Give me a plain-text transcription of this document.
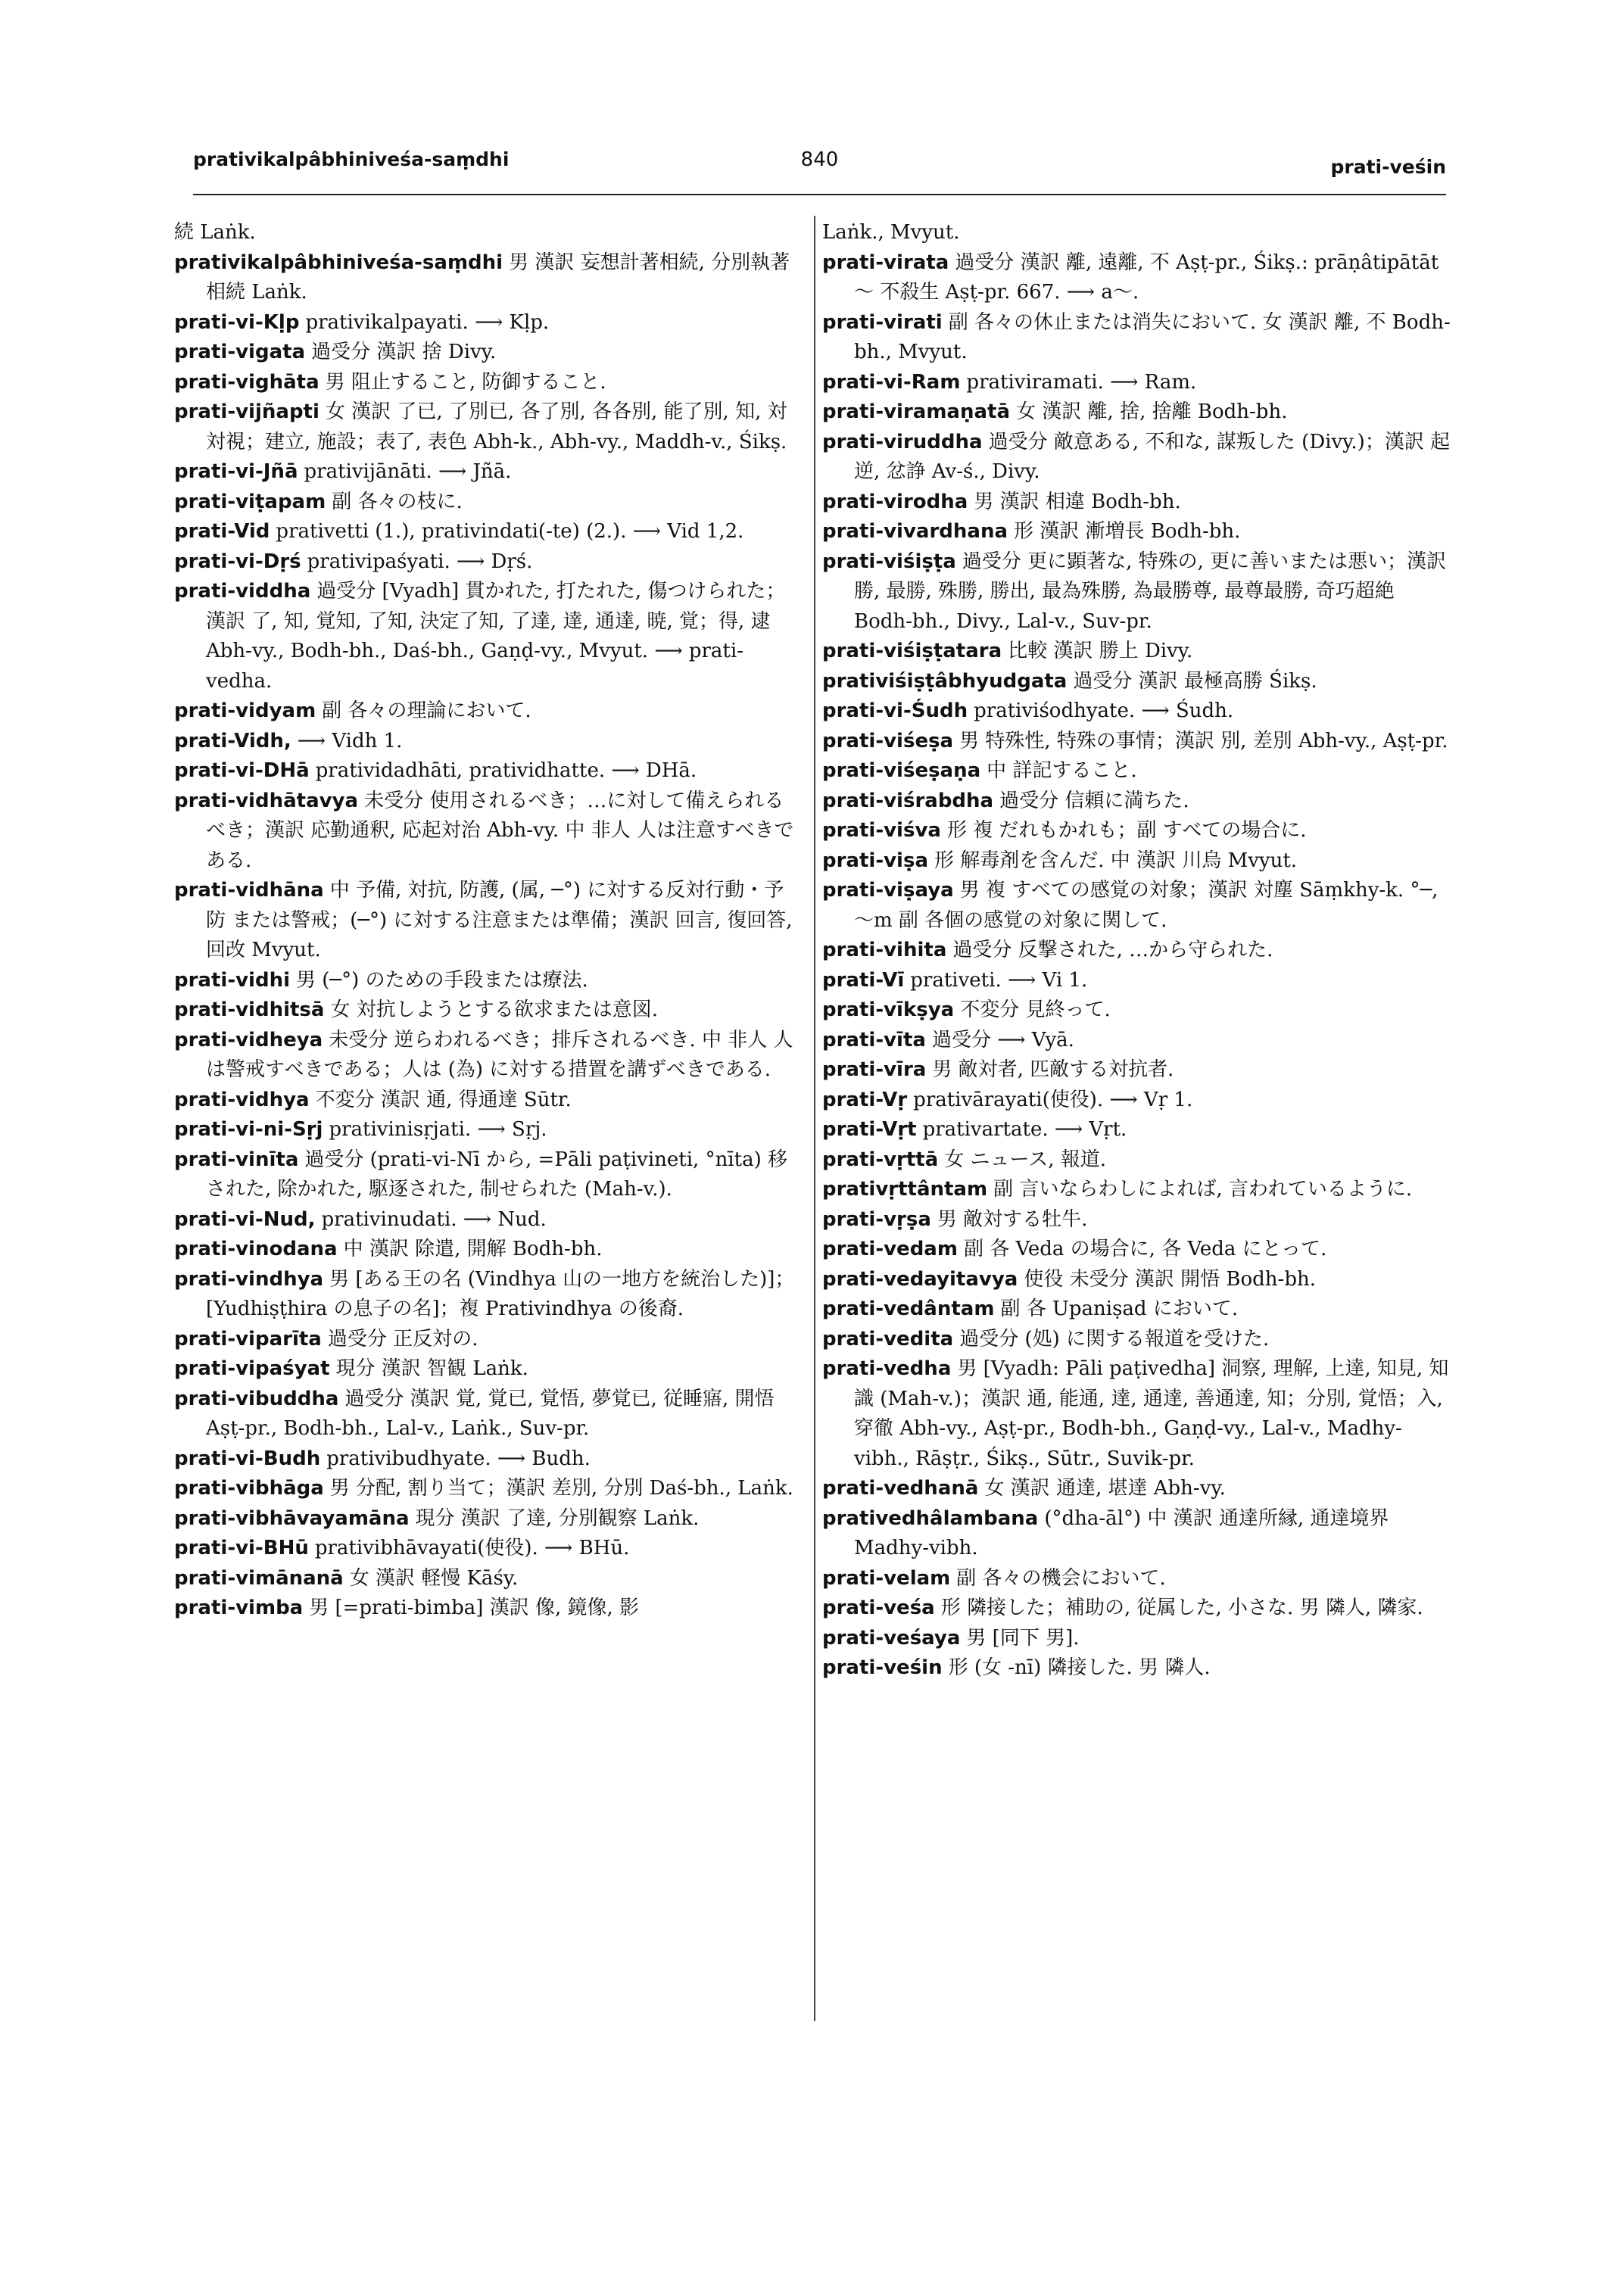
prativikalpâbhiniveśa-saṃdhi	840	prati-veśin

続 Laṅk.

prativikalpâbhiniveśa-saṃdhi 男 漢訳 妄想計著相続, 分別執著相続 Laṅk.

prati-vi-Kḷp prativikalpayati. ⟶ Kḷp.

prati-vigata 過受分 漢訳 捨 Divy.

prati-vighāta 男 阻止すること, 防御すること.

prati-vijñapti 女 漢訳 了已, 了別已, 各了別, 各各別, 能了別, 知, 対対視；建立, 施設；表了, 表色 Abh-k., Abh-vy., Maddh-v., Śikṣ.

prati-vi-Jñā prativijānāti. ⟶ Jñā.

prati-viṭapam 副 各々の枝に.

prati-Vid prativetti (1.), prativindati(-te) (2.). ⟶ Vid 1,2.

prati-vi-Dṛś prativipaśyati. ⟶ Dṛś.

prati-viddha 過受分 [Vyadh] 貫かれた, 打たれた, 傷つけられた；漢訳 了, 知, 覚知, 了知, 決定了知, 了達, 達, 通達, 暁, 覚；得, 逮 Abh-vy., Bodh-bh., Daś-bh., Gaṇḍ-vy., Mvyut. ⟶ prati-vedha.

prati-vidyam 副 各々の理論において.

prati-Vidh, ⟶ Vidh 1.

prati-vi-DHā pratividadhāti, pratividhatte. ⟶ DHā.

prati-vidhātavya 未受分 使用されるべき；…に対して備えられるべき；漢訳 応勤通釈, 応起対治 Abh-vy. 中 非人 人は注意すべきである.

prati-vidhāna 中 予備, 対抗, 防護, (属, ─°) に対する反対行動・予防 または警戒；(─°) に対する注意または準備；漢訳 回言, 復回答, 回改 Mvyut.

prati-vidhi 男 (─°) のための手段または療法.

prati-vidhitsā 女 対抗しようとする欲求または意図.

prati-vidheya 未受分 逆らわれるべき；排斥されるべき. 中 非人 人は警戒すべきである；人は (為) に対する措置を講ずべきである.

prati-vidhya 不変分 漢訳 通, 得通達 Sūtr.

prati-vi-ni-Sṛj prativinisṛjati. ⟶ Sṛj.

prati-vinīta 過受分 (prati-vi-Nī から, =Pāli paṭivineti, °nīta) 移された, 除かれた, 駆逐された, 制せられた (Mah-v.).

prati-vi-Nud, prativinudati. ⟶ Nud.

prati-vinodana 中 漢訳 除遣, 開解 Bodh-bh.

prati-vindhya 男 [ある王の名 (Vindhya 山の一地方を統治した)]；[Yudhiṣṭhira の息子の名]；複 Prativindhya の後裔.

prati-viparīta 過受分 正反対の.

prati-vipaśyat 現分 漢訳 智観 Laṅk.

prati-vibuddha 過受分 漢訳 覚, 覚已, 覚悟, 夢覚已, 従睡寤, 開悟 Aṣṭ-pr., Bodh-bh., Lal-v., Laṅk., Suv-pr.

prati-vi-Budh prativibudhyate. ⟶ Budh.

prati-vibhāga 男 分配, 割り当て；漢訳 差別, 分別 Daś-bh., Laṅk.

prati-vibhāvayamāna 現分 漢訳 了達, 分別観察 Laṅk.

prati-vi-BHū prativibhāvayati(使役). ⟶ BHū.

prati-vimānanā 女 漢訳 軽慢 Kāśy.

prati-vimba 男 [=prati-bimba] 漢訳 像, 鏡像, 影

Laṅk., Mvyut.

prati-virata 過受分 漢訳 離, 遠離, 不 Aṣṭ-pr., Śikṣ.: prāṇâtipātāt ～ 不殺生 Aṣṭ-pr. 667. ⟶ a～.

prati-virati 副 各々の休止または消失において. 女 漢訳 離, 不 Bodh-bh., Mvyut.

prati-vi-Ram prativiramati. ⟶ Ram.

prati-viramaṇatā 女 漢訳 離, 捨, 捨離 Bodh-bh.

prati-viruddha 過受分 敵意ある, 不和な, 謀叛した (Divy.)；漢訳 起逆, 忿諍 Av-ś., Divy.

prati-virodha 男 漢訳 相違 Bodh-bh.

prati-vivardhana 形 漢訳 漸増長 Bodh-bh.

prati-viśiṣṭa 過受分 更に顕著な, 特殊の, 更に善いまたは悪い；漢訳 勝, 最勝, 殊勝, 勝出, 最為殊勝, 為最勝尊, 最尊最勝, 奇巧超絶 Bodh-bh., Divy., Lal-v., Suv-pr.

prati-viśiṣṭatara 比較 漢訳 勝上 Divy.

prativiśiṣṭâbhyudgata 過受分 漢訳 最極高勝 Śikṣ.

prati-vi-Śudh prativiśodhyate. ⟶ Śudh.

prati-viśeṣa 男 特殊性, 特殊の事情；漢訳 別, 差別 Abh-vy., Aṣṭ-pr.

prati-viśeṣaṇa 中 詳記すること.

prati-viśrabdha 過受分 信頼に満ちた.

prati-viśva 形 複 だれもかれも；副 すべての場合に.

prati-viṣa 形 解毒剤を含んだ. 中 漢訳 川烏 Mvyut.

prati-viṣaya 男 複 すべての感覚の対象；漢訳 対塵 Sāṃkhy-k. °─, ～m 副 各個の感覚の対象に関して.

prati-vihita 過受分 反撃された, …から守られた.

prati-Vī prativeti. ⟶ Vi 1.

prati-vīkṣya 不変分 見終って.

prati-vīta 過受分 ⟶ Vyā.

prati-vīra 男 敵対者, 匹敵する対抗者.

prati-Vṛ prativārayati(使役). ⟶ Vṛ 1.

prati-Vṛt prativartate. ⟶ Vṛt.

prati-vṛttā 女 ニュース, 報道.

prativṛttântam 副 言いならわしによれば, 言われているように.

prati-vṛṣa 男 敵対する牡牛.

prati-vedam 副 各 Veda の場合に, 各 Veda にとって.

prati-vedayitavya 使役 未受分 漢訳 開悟 Bodh-bh.

prati-vedântam 副 各 Upaniṣad において.

prati-vedita 過受分 (処) に関する報道を受けた.

prati-vedha 男 [Vyadh: Pāli paṭivedha] 洞察, 理解, 上達, 知見, 知識 (Mah-v.)；漢訳 通, 能通, 達, 通達, 善通達, 知；分別, 覚悟；入, 穿徹 Abh-vy., Aṣṭ-pr., Bodh-bh., Gaṇḍ-vy., Lal-v., Madhy-vibh., Rāṣṭr., Śikṣ., Sūtr., Suvik-pr.

prati-vedhanā 女 漢訳 通達, 堪達 Abh-vy.

prativedhâlambana (°dha-āl°) 中 漢訳 通達所縁, 通達境界 Madhy-vibh.

prati-velam 副 各々の機会において.

prati-veśa 形 隣接した；補助の, 従属した, 小さな. 男 隣人, 隣家.

prati-veśaya 男 [同下 男].

prati-veśin 形 (女 -nī) 隣接した. 男 隣人.
